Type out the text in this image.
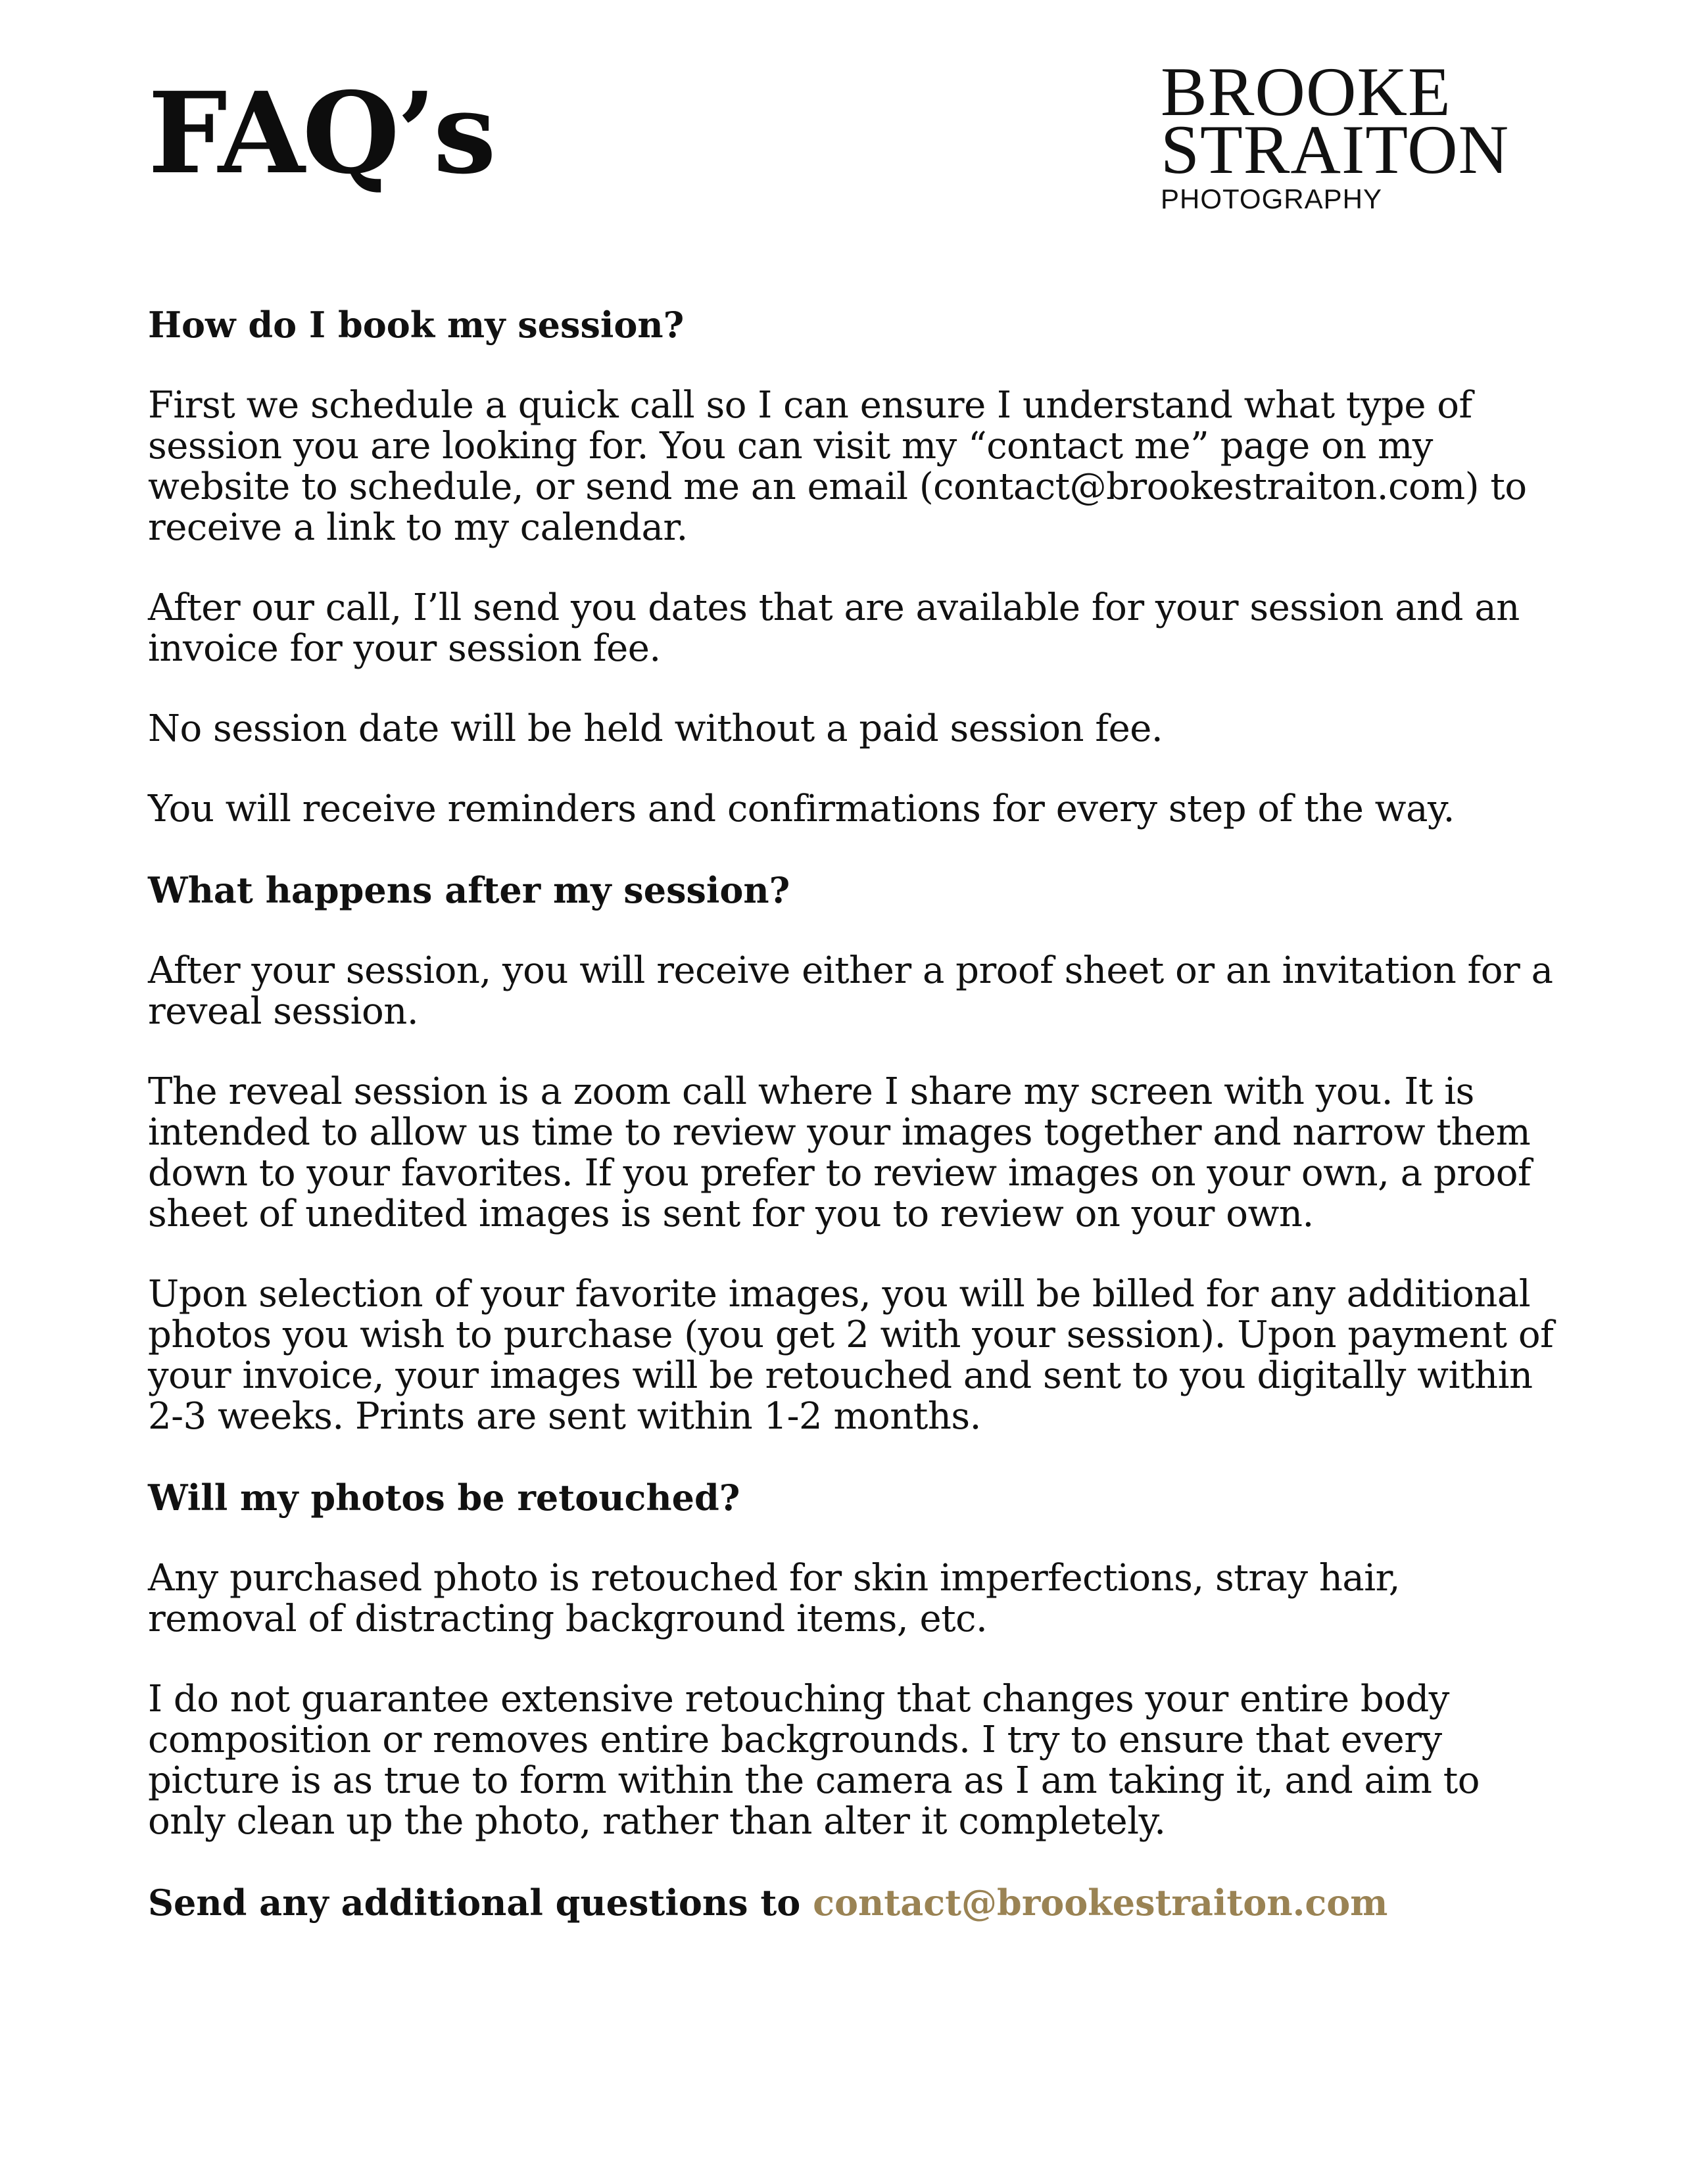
FAQ’s	BROOKE
STRAITON
PHOTOGRAPHY
How do I book my session?

First we schedule a quick call so I can ensure I understand what type of session you are looking for. You can visit my “contact me” page on my website to schedule, or send me an email (contact@brookestraiton.com) to receive a link to my calendar.

After our call, I’ll send you dates that are available for your session and an invoice for your session fee.

No session date will be held without a paid session fee.

You will receive reminders and confirmations for every step of the way.

What happens after my session?

After your session, you will receive either a proof sheet or an invitation for a reveal session.

The reveal session is a zoom call where I share my screen with you. It is intended to allow us time to review your images together and narrow them down to your favorites. If you prefer to review images on your own, a proof sheet of unedited images is sent for you to review on your own.

Upon selection of your favorite images, you will be billed for any additional photos you wish to purchase (you get 2 with your session). Upon payment of your invoice, your images will be retouched and sent to you digitally within 2-3 weeks. Prints are sent within 1-2 months.

Will my photos be retouched?

Any purchased photo is retouched for skin imperfections, stray hair, removal of distracting background items, etc.

I do not guarantee extensive retouching that changes your entire body composition or removes entire backgrounds. I try to ensure that every picture is as true to form within the camera as I am taking it, and aim to only clean up the photo, rather than alter it completely.

Send any additional questions to contact@brookestraiton.com
